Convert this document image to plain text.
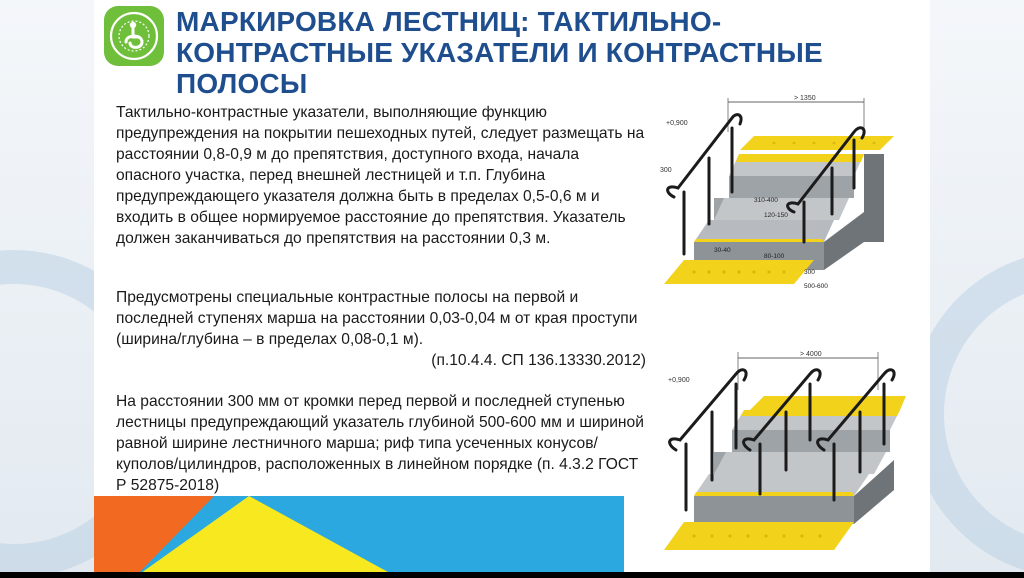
МАРКИРОВКА ЛЕСТНИЦ: ТАКТИЛЬНО-КОНТРАСТНЫЕ УКАЗАТЕЛИ И КОНТРАСТНЫЕ ПОЛОСЫ

Тактильно-контрастные указатели, выполняющие функцию предупреждения на покрытии пешеходных путей, следует размещать на расстоянии 0,8-0,9 м до препятствия, доступного входа, начала опасного участка, перед внешней лестницей и т.п. Глубина предупреждающего указателя должна быть в пределах 0,5-0,6 м и входить в общее нормируемое расстояние до препятствия. Указатель должен заканчиваться до препятствия на расстоянии 0,3 м.

Предусмотрены специальные контрастные полосы на первой и последней ступенях марша на расстоянии 0,03-0,04 м от края проступи (ширина/глубина – в пределах 0,08-0,1 м).
(п.10.4.4. СП 136.13330.2012)

На расстоянии 300 мм от кромки перед первой и последней ступенью лестницы предупреждающий указатель глубиной 500-600 мм и шириной равной ширине лестничного марша; риф типа усеченных конусов/куполов/цилиндров, расположенных в линейном порядке (п. 4.3.2 ГОСТ Р 52875-2018)

> 1350
+0,900
300
310-400
120-150
30-40
80-100
300
500-600
> 4000
+0,900
